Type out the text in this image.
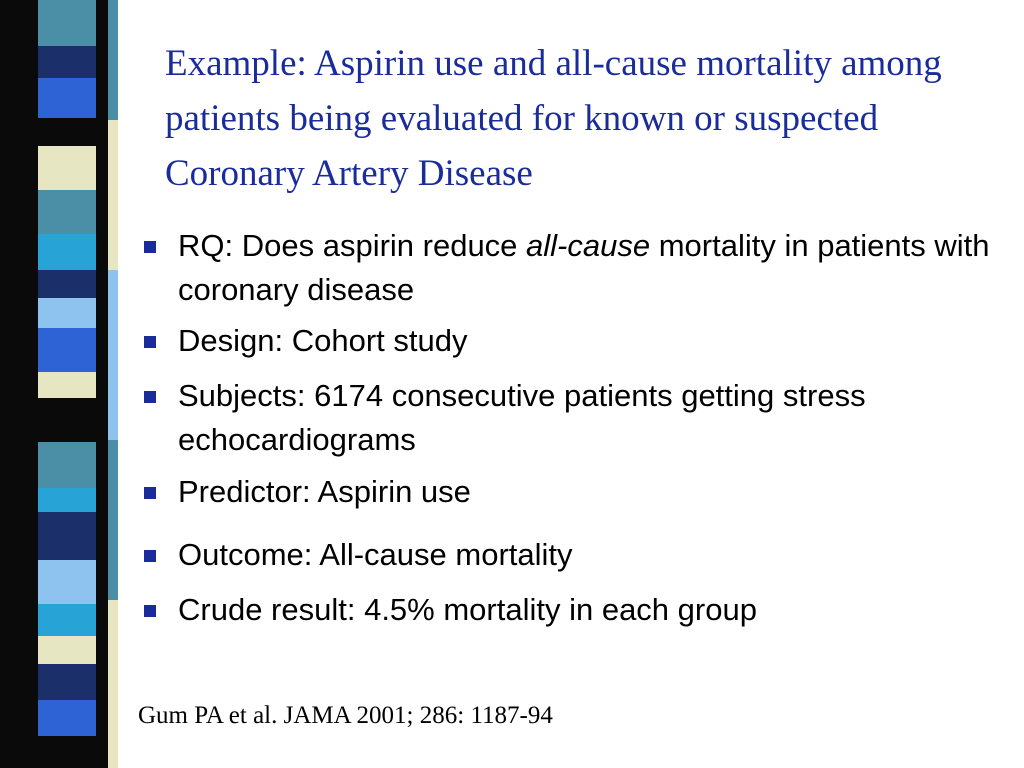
Example: Aspirin use and all-cause mortality among patients being evaluated for known or suspected Coronary Artery Disease
RQ: Does aspirin reduce all-cause mortality in patients with coronary disease
Design: Cohort study
Subjects: 6174 consecutive patients getting stress echocardiograms
Predictor: Aspirin use
Outcome: All-cause mortality
Crude result: 4.5% mortality in each group
Gum PA et al. JAMA 2001; 286: 1187-94
